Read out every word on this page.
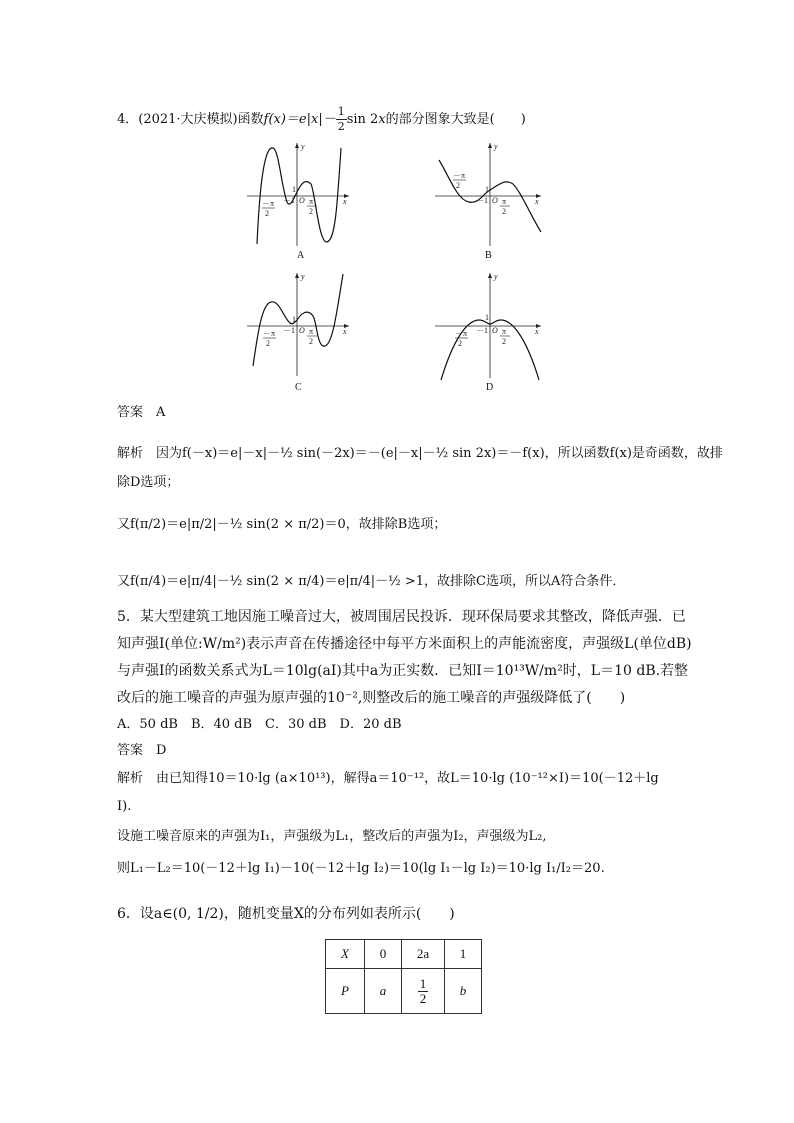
4．(2021·大庆模拟)函数$f(x)=e|x|- \frac{1}{2}$ sin 2x的部分图象大致是(　　)
y
x
1
O
－1
－π
2
π
2
A
y
x
1
O
－1
－π
2
π
2
B
y
x
1
O
－1
－π
2
π
2
C
y
x
1
O
－1
－π
2
π
2
D
答案　A
解析　因为f(－x)＝e|－x|－½ sin(－2x)＝－(e|－x|－½ sin 2x)＝－f(x)，所以函数f(x)是奇函数，故排
除D选项；
又f(π/2)＝e|π/2|－½ sin(2 × π/2)＝0，故排除B选项；
又f(π/4)＝e|π/4|－½ sin(2 × π/4)＝e|π/4|－½ >1，故排除C选项，所以A符合条件．
5．某大型建筑工地因施工噪音过大，被周围居民投诉．现环保局要求其整改，降低声强．已
知声强I(单位:W/m²)表示声音在传播途径中每平方米面积上的声能流密度，声强级L(单位dB)
与声强I的函数关系式为L＝10lg(aI)其中a为正实数．已知I＝10¹³W/m²时，L＝10 dB.若整
改后的施工噪音的声强为原声强的10⁻²,则整改后的施工噪音的声强级降低了(　　)
A．50 dB　B．40 dB　C．30 dB　D．20 dB
答案　D
解析　由已知得10＝10·lg (a×10¹³)，解得a＝10⁻¹²，故L＝10·lg (10⁻¹²×I)＝10(－12＋lg
I).
设施工噪音原来的声强为I₁，声强级为L₁，整改后的声强为I₂，声强级为L₂,
则L₁－L₂＝10(－12＋lg I₁)－10(－12＋lg I₂)＝10(lg I₁－lg I₂)＝10·lg I₁/I₂＝20.
6．设a∈(0, 1/2)，随机变量X的分布列如表所示(　　)
X	0	2a	1
P	a	$\frac{1}{2}$	b
